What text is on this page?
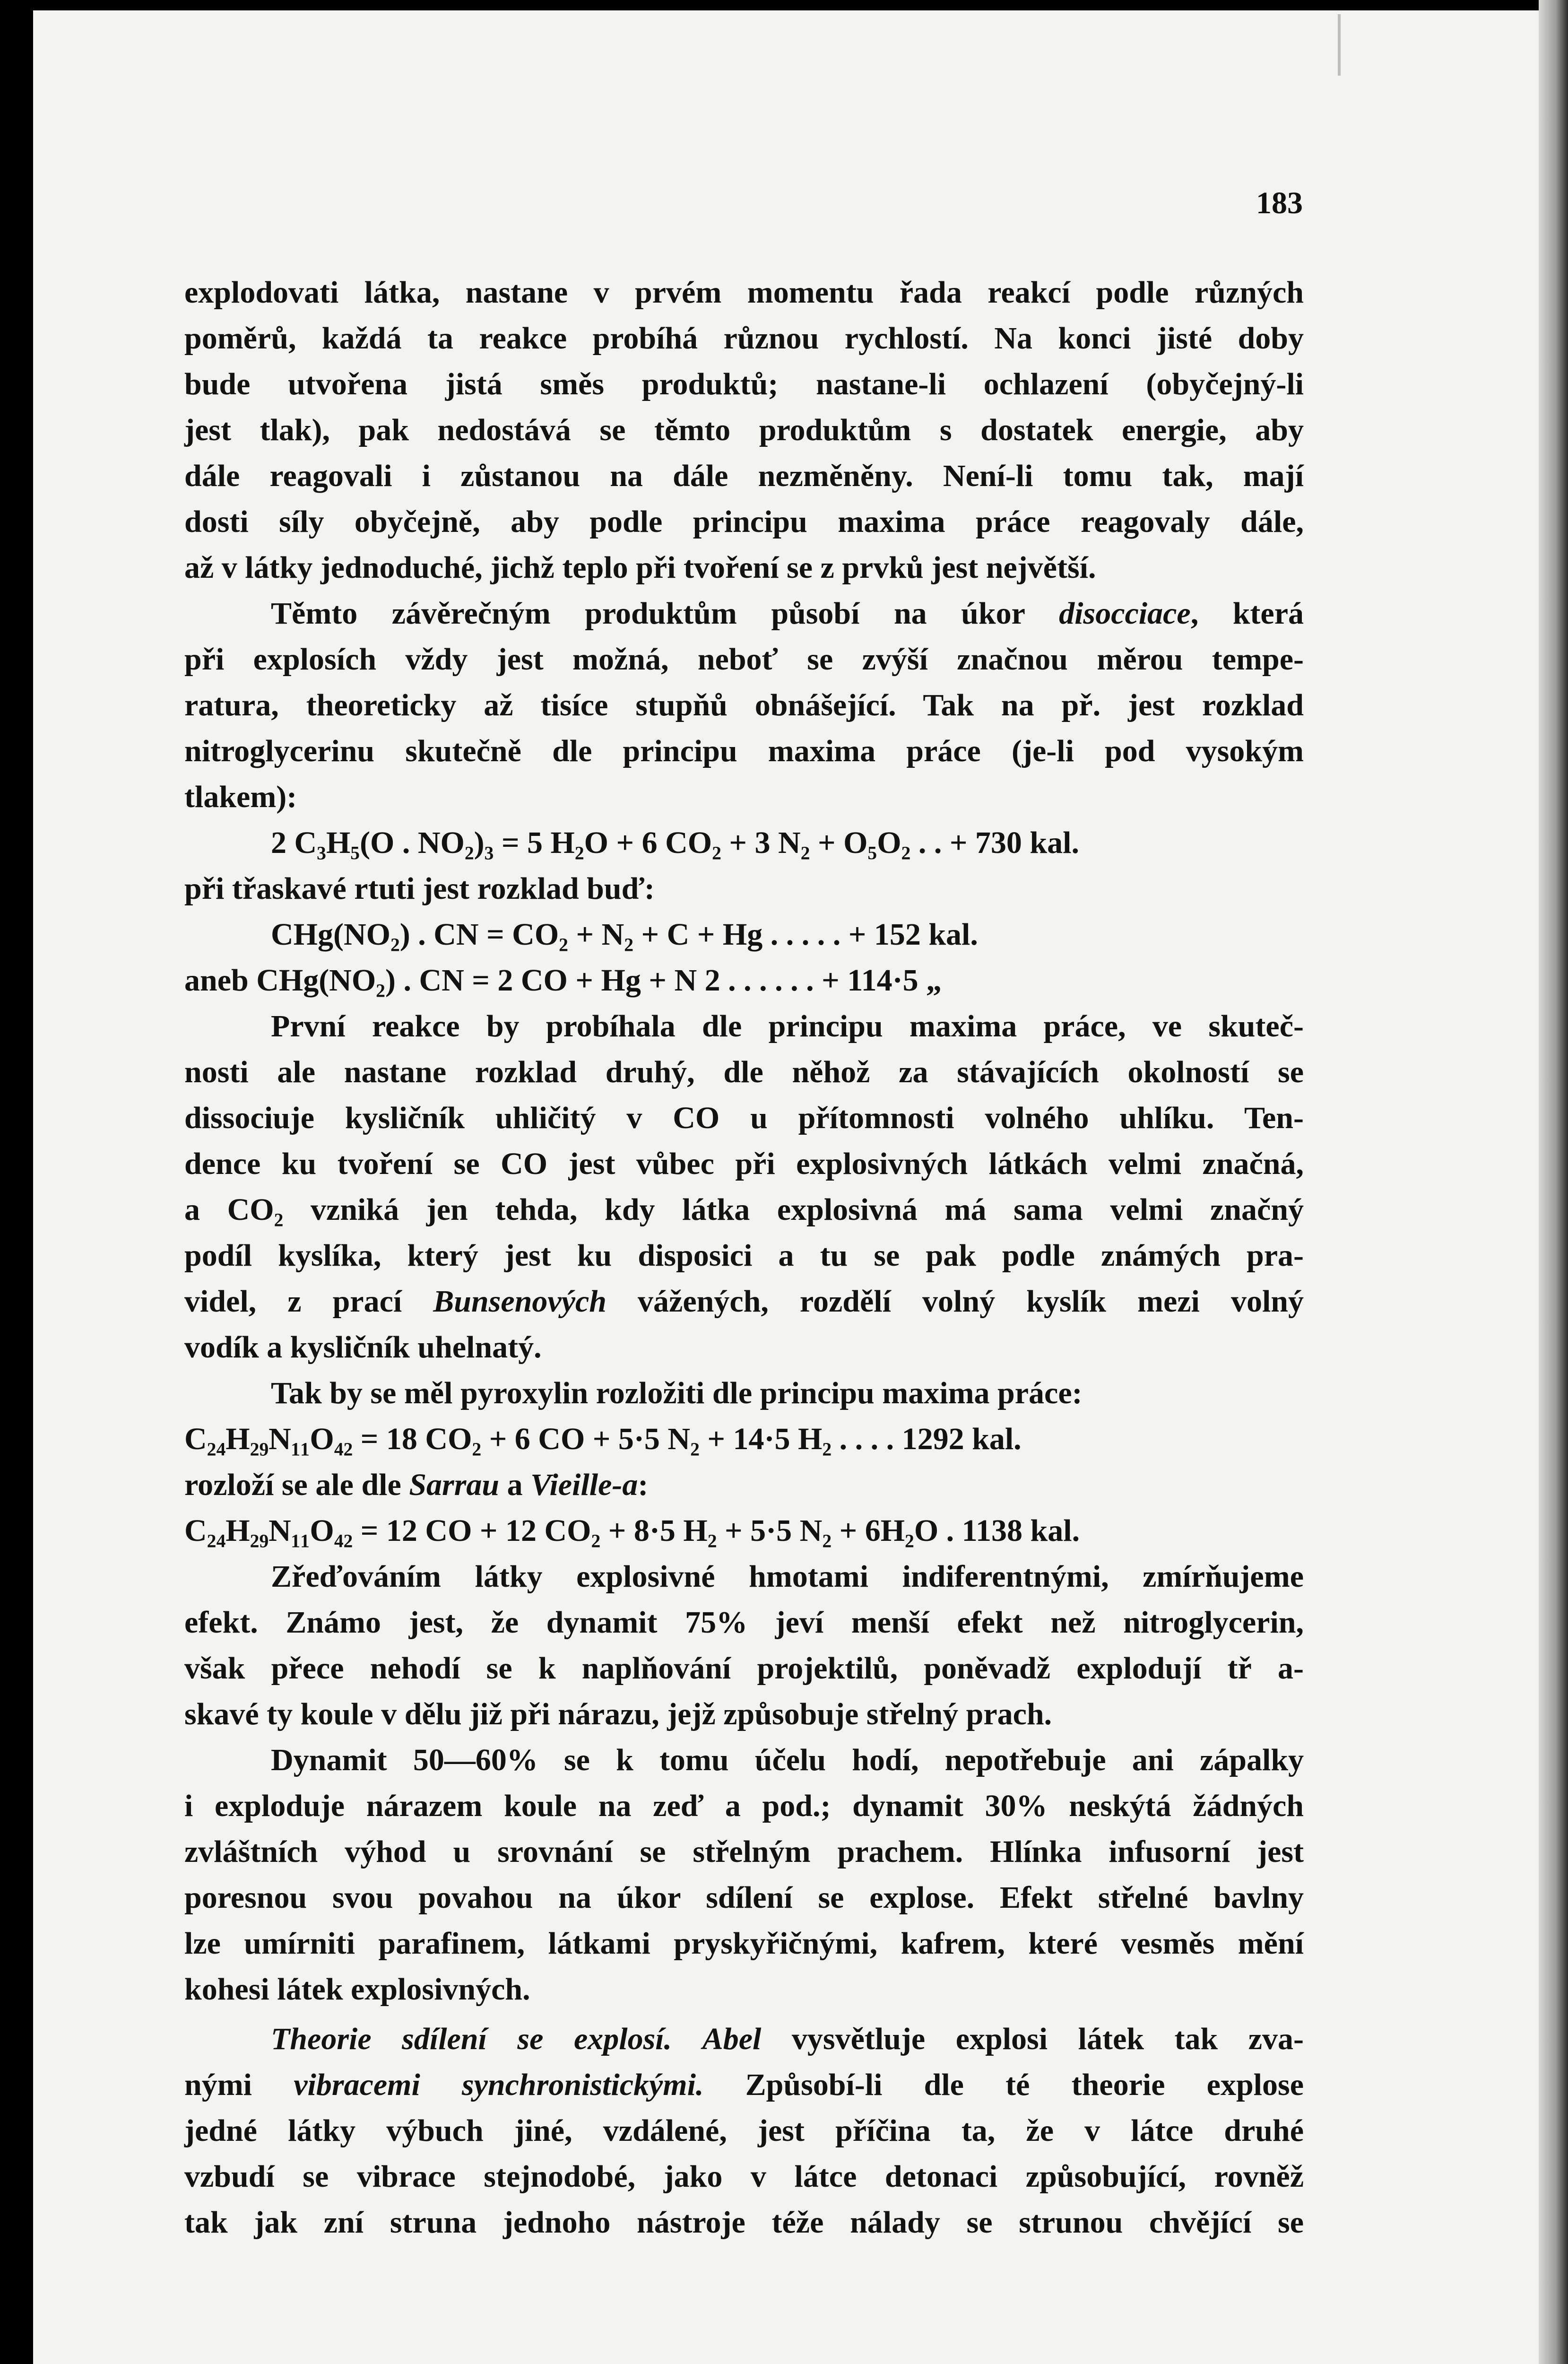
183
explodovati látka, nastane v prvém momentu řada reakcí podle různých
poměrů, každá ta reakce probíhá různou rychlostí. Na konci jisté doby
bude utvořena jistá směs produktů; nastane-li ochlazení (obyčejný-li
jest tlak), pak nedostává se těmto produktům s dostatek energie, aby
dále reagovali i zůstanou na dále nezměněny. Není-li tomu tak, mají
dosti síly obyčejně, aby podle principu maxima práce reagovaly dále,
až v látky jednoduché, jichž teplo při tvoření se z prvků jest největší.
Těmto závěrečným produktům působí na úkor disocciace, která
při explosích vždy jest možná, neboť se zvýší značnou měrou tempe-
ratura, theoreticky až tisíce stupňů obnášející. Tak na př. jest rozklad
nitroglycerinu skutečně dle principu maxima práce (je-li pod vysokým
tlakem):
2 C₃H₅(O . NO₂)₃ = 5 H₂O + 6 CO₂ + 3 N₂ + O₅O₂ . . + 730 kal.
při třaskavé rtuti jest rozklad buď:
CHg(NO₂) . CN = CO₂ + N₂ + C + Hg . . . . . + 152 kal.
aneb CHg(NO₂) . CN = 2 CO + Hg + N 2 . . . . . . + 114·5 „
První reakce by probíhala dle principu maxima práce, ve skuteč-
nosti ale nastane rozklad druhý, dle něhož za stávajících okolností se
dissociuje kysličník uhličitý v CO u přítomnosti volného uhlíku. Ten-
dence ku tvoření se CO jest vůbec při explosivných látkách velmi značná,
a CO₂ vzniká jen tehda, kdy látka explosivná má sama velmi značný
podíl kyslíka, který jest ku disposici a tu se pak podle známých pra-
videl, z prací Bunsenových vážených, rozdělí volný kyslík mezi volný
vodík a kysličník uhelnatý.
Tak by se měl pyroxylin rozložiti dle principu maxima práce:
C₂₄H₂₉N₁₁O₄₂ = 18 CO₂ + 6 CO + 5·5 N₂ + 14·5 H₂ . . . . 1292 kal.
rozloží se ale dle Sarrau a Vieille-a:
C₂₄H₂₉N₁₁O₄₂ = 12 CO + 12 CO₂ + 8·5 H₂ + 5·5 N₂ + 6H₂O . 1138 kal.
Zřeďováním látky explosivné hmotami indiferentnými, zmírňujeme
efekt. Známo jest, že dynamit 75% jeví menší efekt než nitroglycerin,
však přece nehodí se k naplňování projektilů, poněvadž explodují tř a-
skavé ty koule v dělu již při nárazu, jejž způsobuje střelný prach.
Dynamit 50—60% se k tomu účelu hodí, nepotřebuje ani zápalky
i exploduje nárazem koule na zeď a pod.; dynamit 30% neskýtá žádných
zvláštních výhod u srovnání se střelným prachem. Hlínka infusorní jest
poresnou svou povahou na úkor sdílení se explose. Efekt střelné bavlny
lze umírniti parafinem, látkami pryskyřičnými, kafrem, které vesměs mění
kohesi látek explosivných.
Theorie sdílení se explosí. Abel vysvětluje explosi látek tak zva-
nými vibracemi synchronistickými. Způsobí-li dle té theorie explose
jedné látky výbuch jiné, vzdálené, jest příčina ta, že v látce druhé
vzbudí se vibrace stejnodobé, jako v látce detonaci způsobující, rovněž
tak jak zní struna jednoho nástroje téže nálady se strunou chvějící se
